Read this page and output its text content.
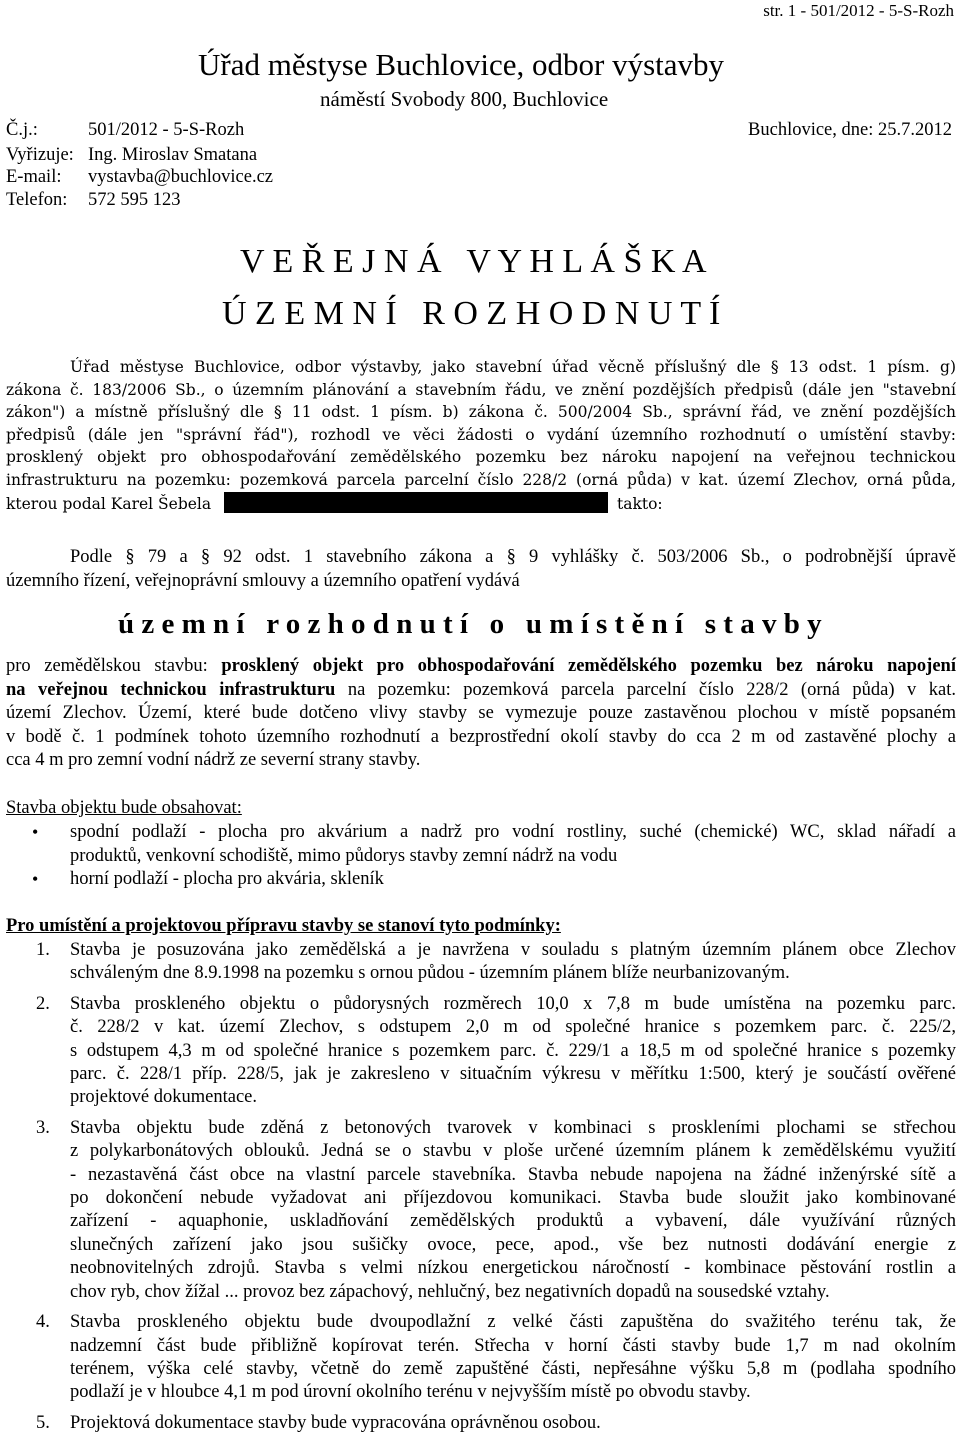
str. 1 - 501/2012 - 5-S-Rozh
Úřad městyse Buchlovice, odbor výstavby
náměstí Svobody 800, Buchlovice
Č.j.:	501/2012 - 5-S-Rozh	Buchlovice, dne: 25.7.2012
Vyřizuje: Ing. Miroslav Smatana
E-mail: vystavba@buchlovice.cz
Telefon: 572 595 123
V E Ř E J N Á   V Y H L Á Š K A
Ú Z E M N Í   R O Z H O D N U T Í
Úřad městyse Buchlovice, odbor výstavby, jako stavební úřad věcně příslušný dle § 13 odst. 1 písm. g)
zákona č. 183/2006 Sb., o územním plánování a stavebním řádu, ve znění pozdějších předpisů (dále jen "stavební
zákon") a místně příslušný dle § 11 odst. 1 písm. b) zákona č. 500/2004 Sb., správní řád, ve znění pozdějších
předpisů (dále jen "správní řád"), rozhodl ve věci žádosti o vydání územního rozhodnutí o umístění stavby:
prosklený objekt pro obhospodařování zemědělského pozemku bez nároku napojení na veřejnou technickou
infrastrukturu na pozemku: pozemková parcela parcelní číslo 228/2 (orná půda) v kat. území Zlechov, orná půda,
kterou podal Karel Šebela	takto:
Podle § 79 a § 92 odst. 1 stavebního zákona a § 9 vyhlášky č. 503/2006 Sb., o podrobnější úpravě
územního řízení, veřejnoprávní smlouvy a územního opatření vydává
ú z e m n í   r o z h o d n u t í   o   u m í s t ě n í   s t a v b y
pro zemědělskou stavbu: prosklený objekt pro obhospodařování zemědělského pozemku bez nároku napojení
na veřejnou technickou infrastrukturu na pozemku: pozemková parcela parcelní číslo 228/2 (orná půda) v kat.
území Zlechov. Území, které bude dotčeno vlivy stavby se vymezuje pouze zastavěnou plochou v místě popsaném
v bodě č. 1 podmínek tohoto územního rozhodnutí a bezprostřední okolí stavby do cca 2 m od zastavěné plochy a
cca 4 m pro zemní vodní nádrž ze severní strany stavby.
Stavba objektu bude obsahovat:
• spodní podlaží - plocha pro akvárium a nadrž pro vodní rostliny, suché (chemické) WC, sklad nářadí a
produktů, venkovní schodiště, mimo půdorys stavby zemní nádrž na vodu
• horní podlaží - plocha pro akvária, skleník
Pro umístění a projektovou přípravu stavby se stanoví tyto podmínky:
1. Stavba je posuzována jako zemědělská a je navržena v souladu s platným územním plánem obce Zlechov
schváleným dne 8.9.1998 na pozemku s ornou půdou - územním plánem blíže neurbanizovaným.
2. Stavba proskleného objektu o půdorysných rozměrech 10,0 x 7,8 m bude umístěna na pozemku parc.
č. 228/2 v kat. území Zlechov, s odstupem 2,0 m od společné hranice s pozemkem parc. č. 225/2,
s odstupem 4,3 m od společné hranice s pozemkem parc. č. 229/1 a 18,5 m od společné hranice s pozemky
parc. č. 228/1 příp. 228/5, jak je zakresleno v situačním výkresu v měřítku 1:500, který je součástí ověřené
projektové dokumentace.
3. Stavba objektu bude zděná z betonových tvarovek v kombinaci s proskleními plochami se střechou
z polykarbonátových oblouků. Jedná se o stavbu v ploše určené územním plánem k zemědělskému využití
- nezastavěná část obce na vlastní parcele stavebníka. Stavba nebude napojena na žádné inženýrské sítě a
po dokončení nebude vyžadovat ani příjezdovou komunikaci. Stavba bude sloužit jako kombinované
zařízení - aquaphonie, uskladňování zemědělských produktů a vybavení, dále využívání různých
slunečných zařízení jako jsou sušičky ovoce, pece, apod., vše bez nutnosti dodávání energie z
neobnovitelných zdrojů. Stavba s velmi nízkou energetickou náročností - kombinace pěstování rostlin a
chov ryb, chov žížal ... provoz bez zápachový, nehlučný, bez negativních dopadů na sousedské vztahy.
4. Stavba proskleného objektu bude dvoupodlažní z velké části zapuštěna do svažitého terénu tak, že
nadzemní část bude přibližně kopírovat terén. Střecha v horní části stavby bude 1,7 m nad okolním
terénem, výška celé stavby, včetně do země zapuštěné části, nepřesáhne výšku 5,8 m (podlaha spodního
podlaží je v hloubce 4,1 m pod úrovní okolního terénu v nejvyšším místě po obvodu stavby.
5. Projektová dokumentace stavby bude vypracována oprávněnou osobou.
